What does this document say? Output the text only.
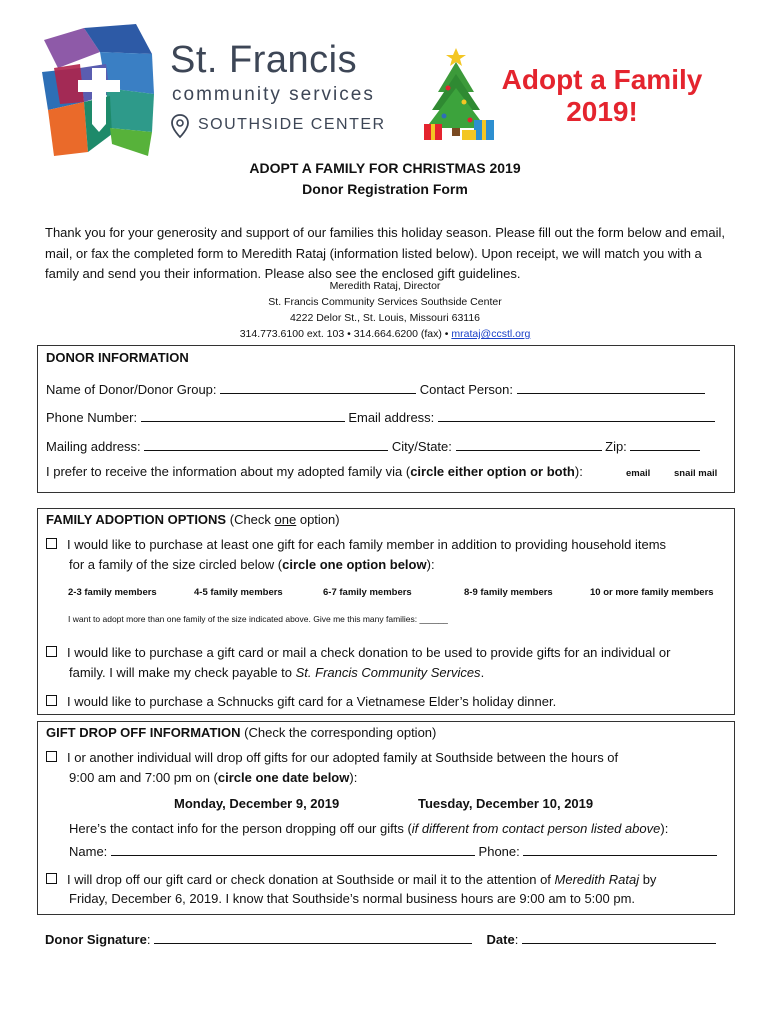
St. Francis
community services
SOUTHSIDE CENTER
Adopt a Family
2019!
ADOPT A FAMILY FOR CHRISTMAS 2019
Donor Registration Form
Thank you for your generosity and support of our families this holiday season. Please fill out the form below and email, mail, or fax the completed form to Meredith Rataj (information listed below). Upon receipt, we will match you with a family and send you their information. Please also see the enclosed gift guidelines.
Meredith Rataj, Director
St. Francis Community Services Southside Center
4222 Delor St., St. Louis, Missouri 63116
314.773.6100 ext. 103 • 314.664.6200 (fax) • mrataj@ccstl.org
DONOR INFORMATION
Name of Donor/Donor Group:	Contact Person:
Phone Number:	Email address:
Mailing address:	City/State:	Zip:
I prefer to receive the information about my adopted family via (circle either option or both):	email snail mail
FAMILY ADOPTION OPTIONS (Check one option)
I would like to purchase at least one gift for each family member in addition to providing household items
for a family of the size circled below (circle one option below):
2-3 family members	4-5 family members	6-7 family members	8-9 family members	10 or more family members
I want to adopt more than one family of the size indicated above. Give me this many families: ______
I would like to purchase a gift card or mail a check donation to be used to provide gifts for an individual or
family. I will make my check payable to St. Francis Community Services.
I would like to purchase a Schnucks gift card for a Vietnamese Elder’s holiday dinner.
GIFT DROP OFF INFORMATION (Check the corresponding option)
I or another individual will drop off gifts for our adopted family at Southside between the hours of
9:00 am and 7:00 pm on (circle one date below):
Monday, December 9, 2019	Tuesday, December 10, 2019
Here’s the contact info for the person dropping off our gifts (if different from contact person listed above):
Name:	Phone:
I will drop off our gift card or check donation at Southside or mail it to the attention of Meredith Rataj by
Friday, December 6, 2019. I know that Southside’s normal business hours are 9:00 am to 5:00 pm.
Donor Signature:	Date:
